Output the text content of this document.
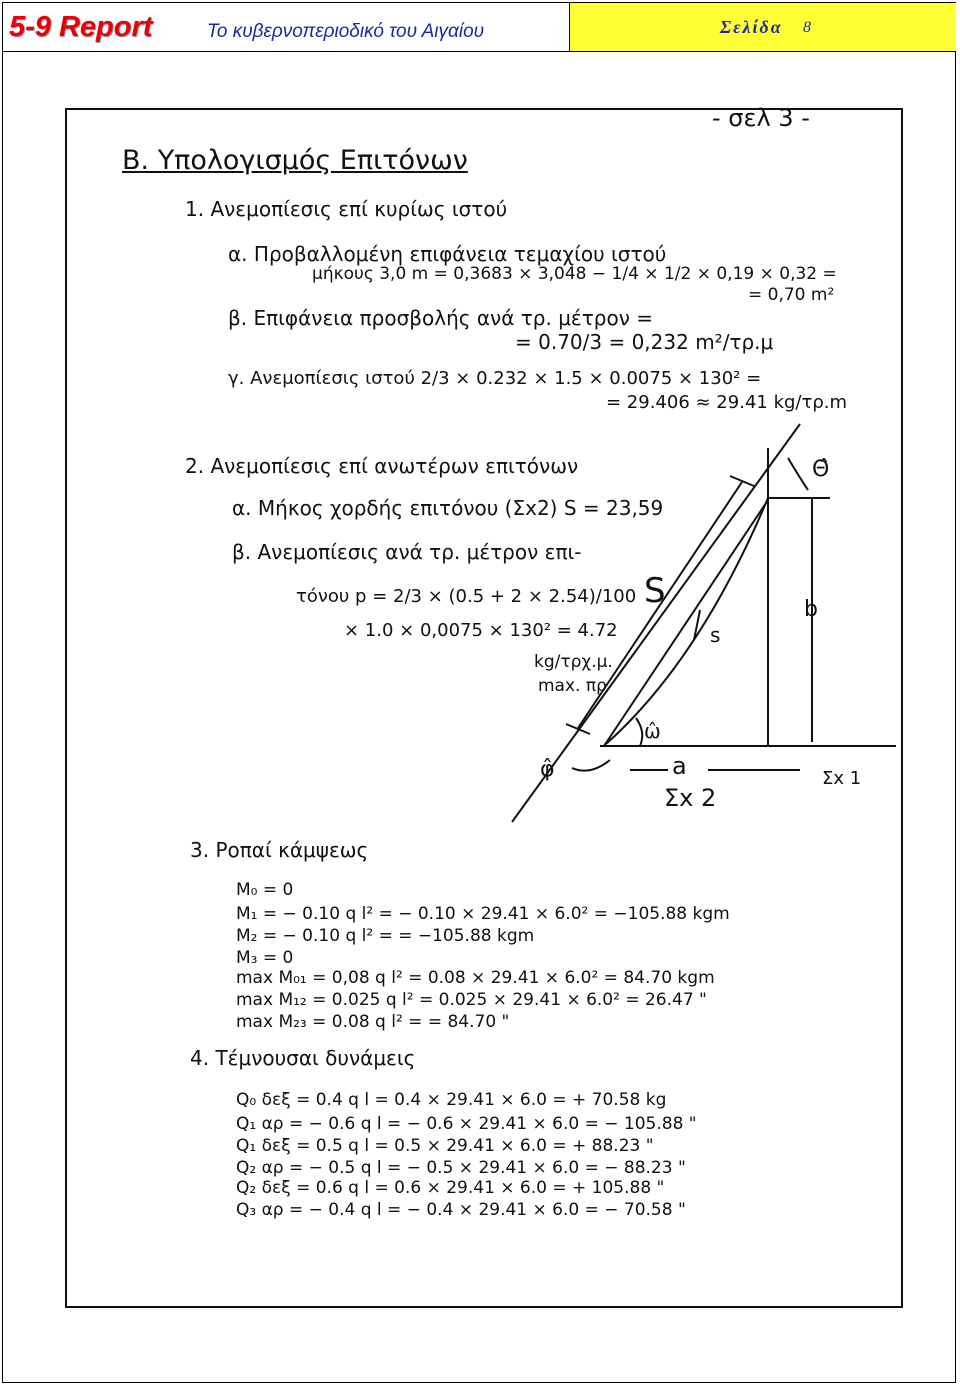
5-9 Report	Το κυβερνοπεριοδικό του Αιγαίου	Σελίδα 8
- σελ 3 -
Β. Υπολογισμός Επιτόνων
1. Ανεμοπίεσις επί κυρίως ιστού
α. Προβαλλομένη επιφάνεια τεμαχίου ιστού
μήκους 3,0 m = 0,3683 × 3,048 − 1/4 × 1/2 × 0,19 × 0,32 =
= 0,70 m²
β. Επιφάνεια προσβολής ανά τρ. μέτρον =
= 0.70/3 = 0,232 m²/τρ.μ
γ. Ανεμοπίεσις ιστού 2/3 × 0.232 × 1.5 × 0.0075 × 130² =
= 29.406 ≈ 29.41 kg/τρ.m
2. Ανεμοπίεσις επί ανωτέρων επιτόνων
α. Μήκος χορδής επιτόνου (Σx2) S = 23,59
β. Ανεμοπίεσις ανά τρ. μέτρον επι-
τόνου p = 2/3 × (0.5 + 2 × 2.54)/100
× 1.0 × 0,0075 × 130² = 4.72
kg/τρχ.μ.
max. πρ
Θ̂
S
s
b
ω̂
φ̂	a	Σx 1
Σx 2
3. Ροπαί κάμψεως
M₀ = 0
M₁ = − 0.10 q l² = − 0.10 × 29.41 × 6.0² = −105.88 kgm
M₂ = − 0.10 q l² = = −105.88 kgm
M₃ = 0
max M₀₁ = 0,08 q l² = 0.08 × 29.41 × 6.0² = 84.70 kgm
max M₁₂ = 0.025 q l² = 0.025 × 29.41 × 6.0² = 26.47 "
max M₂₃ = 0.08 q l² = = 84.70 "
4. Τέμνουσαι δυνάμεις
Q₀ δεξ = 0.4 q l = 0.4 × 29.41 × 6.0 = + 70.58 kg
Q₁ αρ = − 0.6 q l = − 0.6 × 29.41 × 6.0 = − 105.88 "
Q₁ δεξ = 0.5 q l = 0.5 × 29.41 × 6.0 = + 88.23 "
Q₂ αρ = − 0.5 q l = − 0.5 × 29.41 × 6.0 = − 88.23 "
Q₂ δεξ = 0.6 q l = 0.6 × 29.41 × 6.0 = + 105.88 "
Q₃ αρ = − 0.4 q l = − 0.4 × 29.41 × 6.0 = − 70.58 "
